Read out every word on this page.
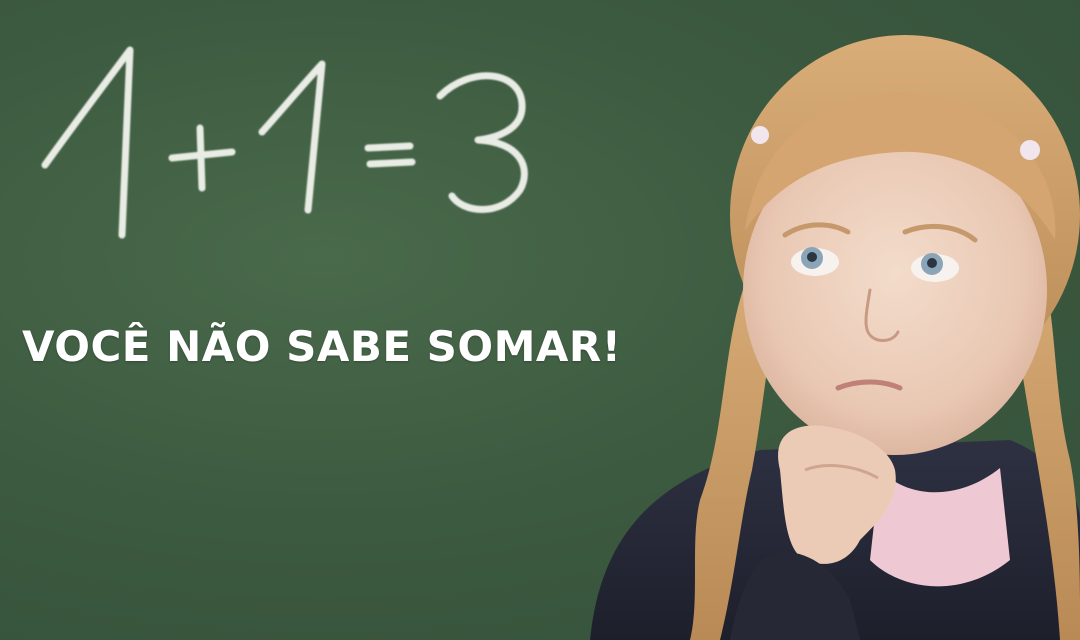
1+1=3
VOCÊ NÃO SABE SOMAR!
